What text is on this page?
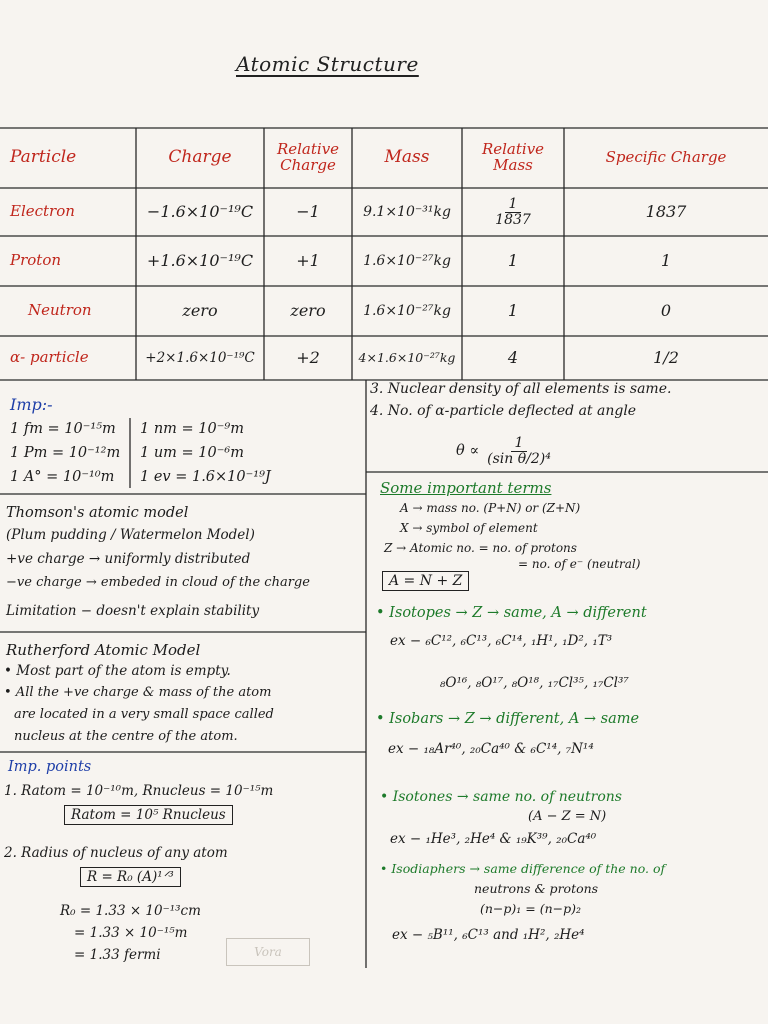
Atomic Structure
Particle	Charge	Relative Charge	Mass	Relative Mass	Specific Charge
Electron	−1.6×10⁻¹⁹C	−1	9.1×10⁻³¹kg	$\frac{1}{1837}$	1837
Proton	+1.6×10⁻¹⁹C	+1	1.6×10⁻²⁷kg	1	1
Neutron	zero	zero	1.6×10⁻²⁷kg	1	0
α- particle	+2×1.6×10⁻¹⁹C	+2	4×1.6×10⁻²⁷kg	4	1/2
Imp:-
1 fm = 10⁻¹⁵m
1 Pm = 10⁻¹²m
1 A° = 10⁻¹⁰m
1 nm = 10⁻⁹m
1 um = 10⁻⁶m
1 ev = 1.6×10⁻¹⁹J
3. Nuclear density of all elements is same.
4. No. of α-particle deflected at angle
$\theta \propto \frac{1}{\text{(sin θ/2)⁴}}$
Thomson's atomic model
(Plum pudding / Watermelon Model)
+ve charge → uniformly distributed
−ve charge → embeded in cloud of the charge
Limitation − doesn't explain stability
Rutherford Atomic Model
• Most part of the atom is empty.
• All the +ve charge & mass of the atom
are located in a very small space called
nucleus at the centre of the atom.
Imp. points
1. Ratom = 10⁻¹⁰m, Rnucleus = 10⁻¹⁵m
Ratom = 10⁵ Rnucleus
2. Radius of nucleus of any atom
R = R₀ (A)¹ᐟ³
R₀ = 1.33 × 10⁻¹³cm
= 1.33 × 10⁻¹⁵m
= 1.33 fermi	Vora
Some important terms
A → mass no. (P+N) or (Z+N)
X → symbol of element
Z → Atomic no. = no. of protons
= no. of e⁻ (neutral)
A = N + Z
• Isotopes → Z → same, A → different
ex − ₆C¹², ₆C¹³, ₆C¹⁴, ₁H¹, ₁D², ₁T³
₈O¹⁶, ₈O¹⁷, ₈O¹⁸, ₁₇Cl³⁵, ₁₇Cl³⁷
• Isobars → Z → different, A → same
ex − ₁₈Ar⁴⁰, ₂₀Ca⁴⁰ & ₆C¹⁴, ₇N¹⁴
• Isotones → same no. of neutrons
(A − Z = N)
ex − ₁He³, ₂He⁴ & ₁₉K³⁹, ₂₀Ca⁴⁰
• Isodiaphers → same difference of the no. of
neutrons & protons
(n−p)₁ = (n−p)₂
ex − ₅B¹¹, ₆C¹³ and ₁H², ₂He⁴
